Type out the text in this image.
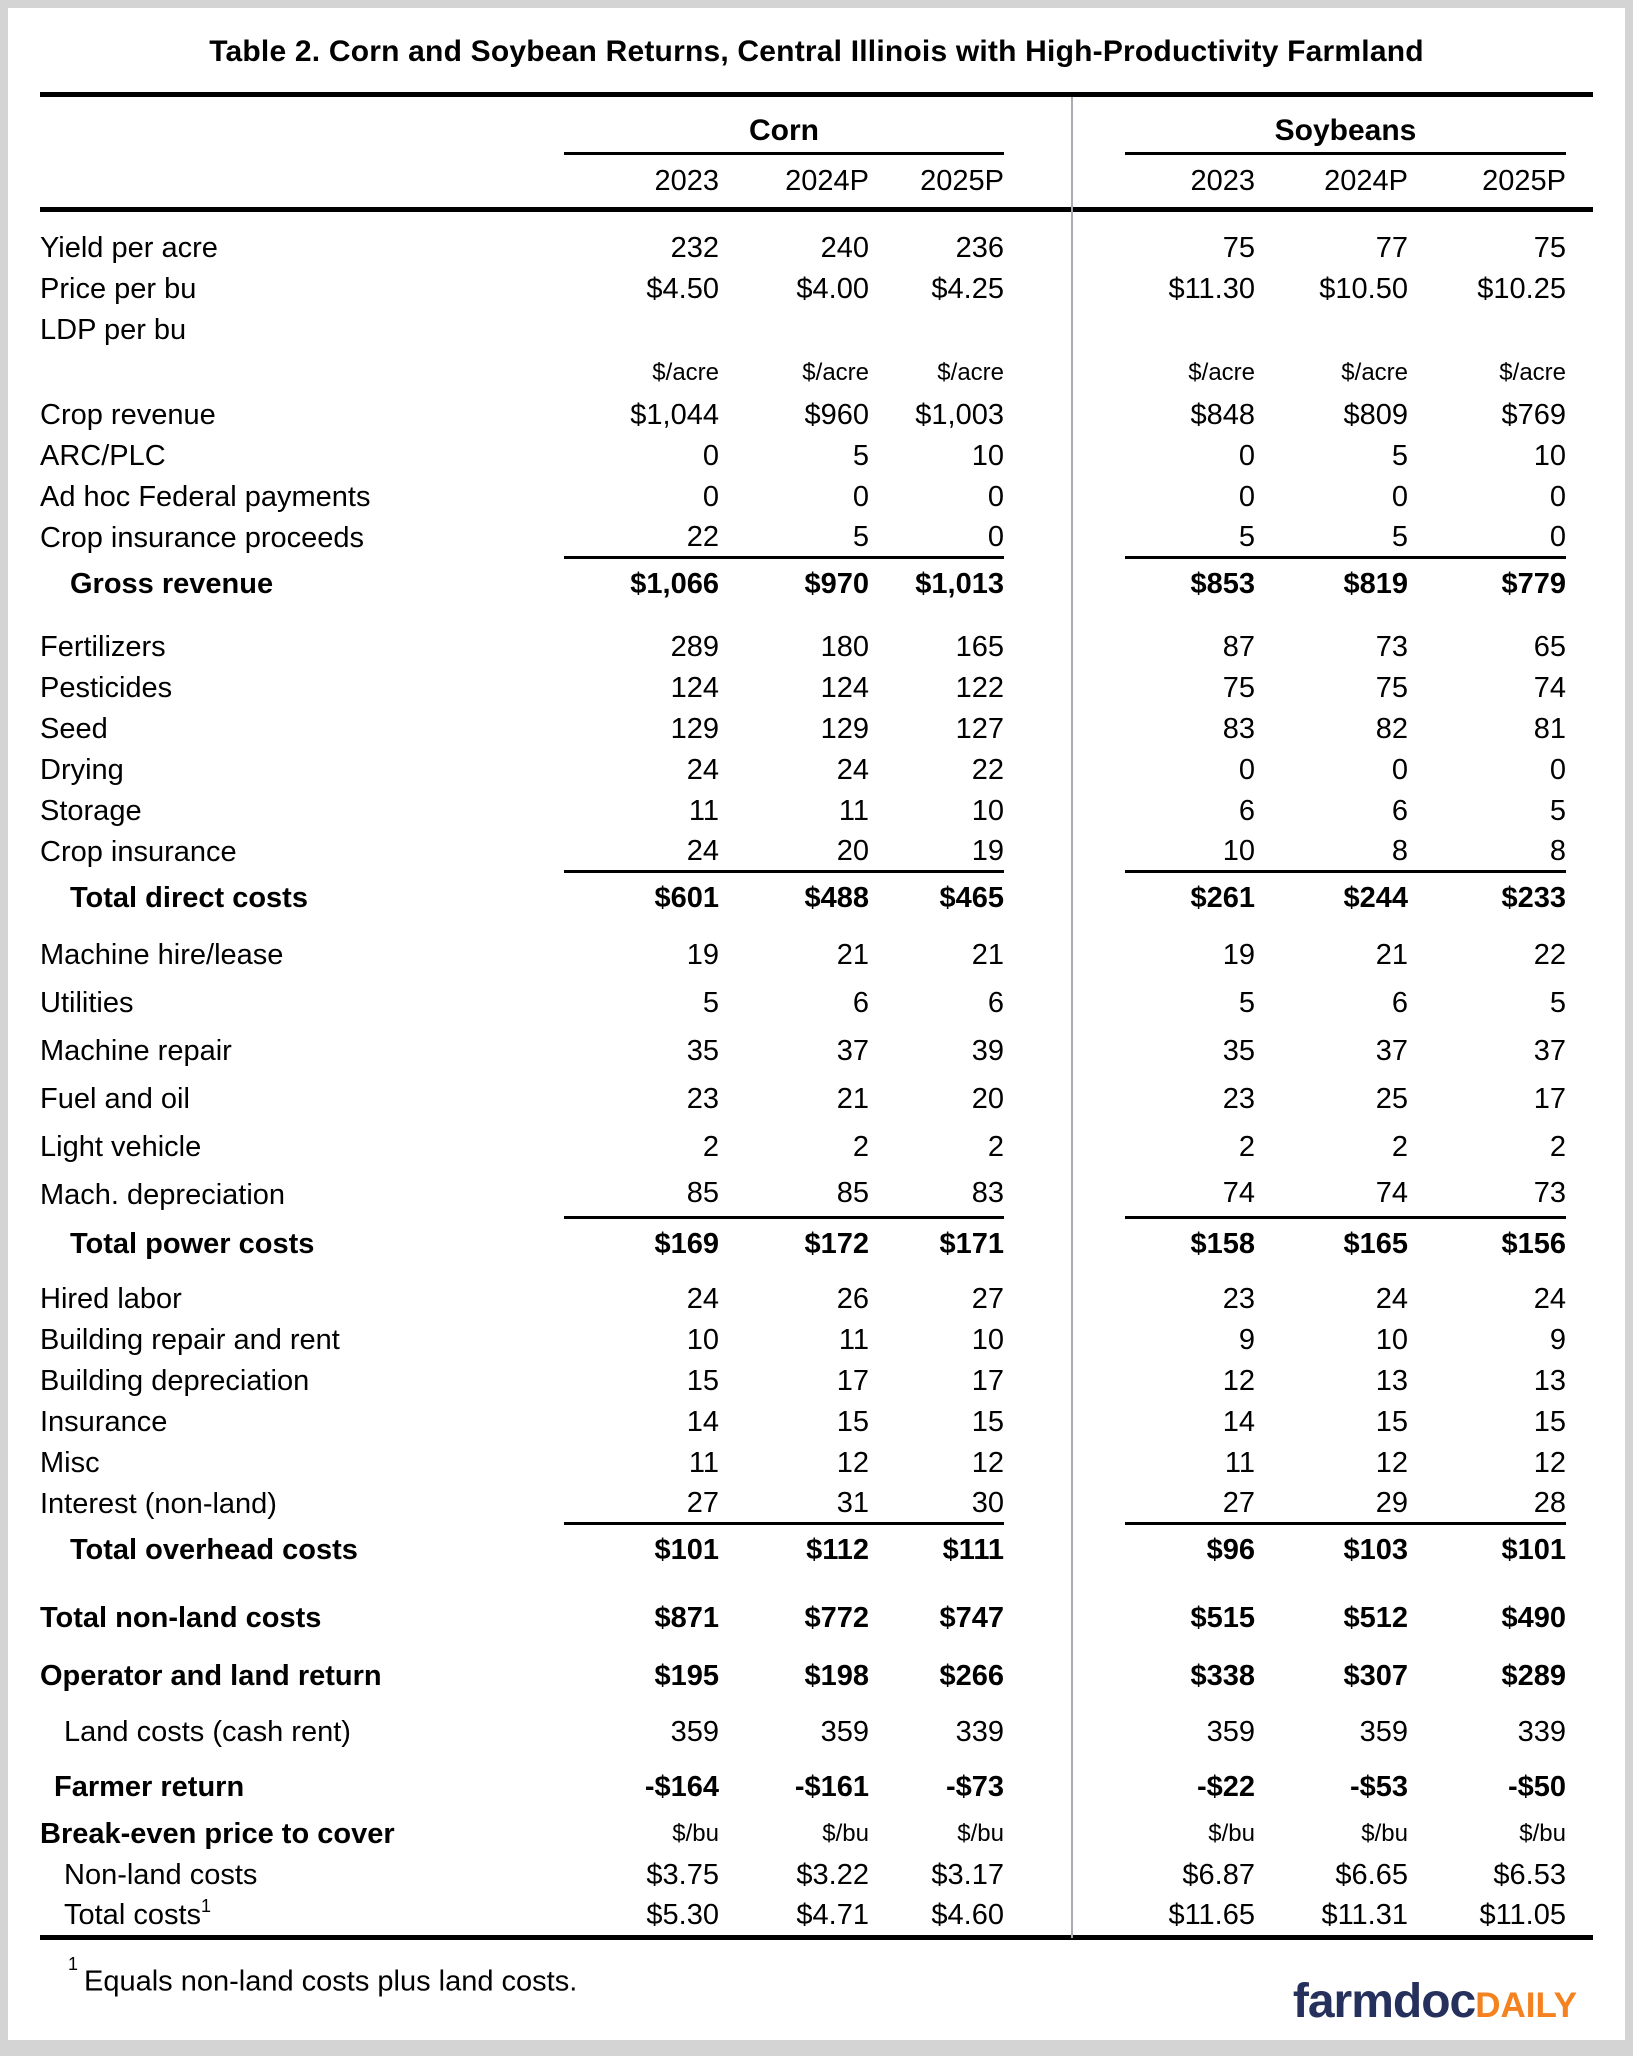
Table 2. Corn and Soybean Returns, Central Illinois with High-Productivity Farmland
Corn	Soybeans
2023	2024P	2025P	2023	2024P	2025P
Yield per acre	232	240	236	75	77	75
Price per bu	$4.50	$4.00	$4.25	$11.30	$10.50	$10.25
LDP per bu
$/acre	$/acre	$/acre	$/acre	$/acre	$/acre
Crop revenue	$1,044	$960	$1,003	$848	$809	$769
ARC/PLC	0	5	10	0	5	10
Ad hoc Federal payments	0	0	0	0	0	0
Crop insurance proceeds	22	5	0	5	5	0
Gross revenue	$1,066	$970	$1,013	$853	$819	$779
Fertilizers	289	180	165	87	73	65
Pesticides	124	124	122	75	75	74
Seed	129	129	127	83	82	81
Drying	24	24	22	0	0	0
Storage	11	11	10	6	6	5
Crop insurance	24	20	19	10	8	8
Total direct costs	$601	$488	$465	$261	$244	$233
Machine hire/lease	19	21	21	19	21	22
Utilities	5	6	6	5	6	5
Machine repair	35	37	39	35	37	37
Fuel and oil	23	21	20	23	25	17
Light vehicle	2	2	2	2	2	2
Mach. depreciation	85	85	83	74	74	73
Total power costs	$169	$172	$171	$158	$165	$156
Hired labor	24	26	27	23	24	24
Building repair and rent	10	11	10	9	10	9
Building depreciation	15	17	17	12	13	13
Insurance	14	15	15	14	15	15
Misc	11	12	12	11	12	12
Interest (non-land)	27	31	30	27	29	28
Total overhead costs	$101	$112	$111	$96	$103	$101
Total non-land costs	$871	$772	$747	$515	$512	$490
Operator and land return	$195	$198	$266	$338	$307	$289
Land costs (cash rent)	359	359	339	359	359	339
Farmer return	-$164	-$161	-$73	-$22	-$53	-$50
Break-even price to cover	$/bu	$/bu	$/bu	$/bu	$/bu	$/bu
Non-land costs	$3.75	$3.22	$3.17	$6.87	$6.65	$6.53
Total costs$^1$	$5.30	$4.71	$4.60	$11.65	$11.31	$11.05
$^1$Equals non-land costs plus land costs.	farmdoc DAILY
